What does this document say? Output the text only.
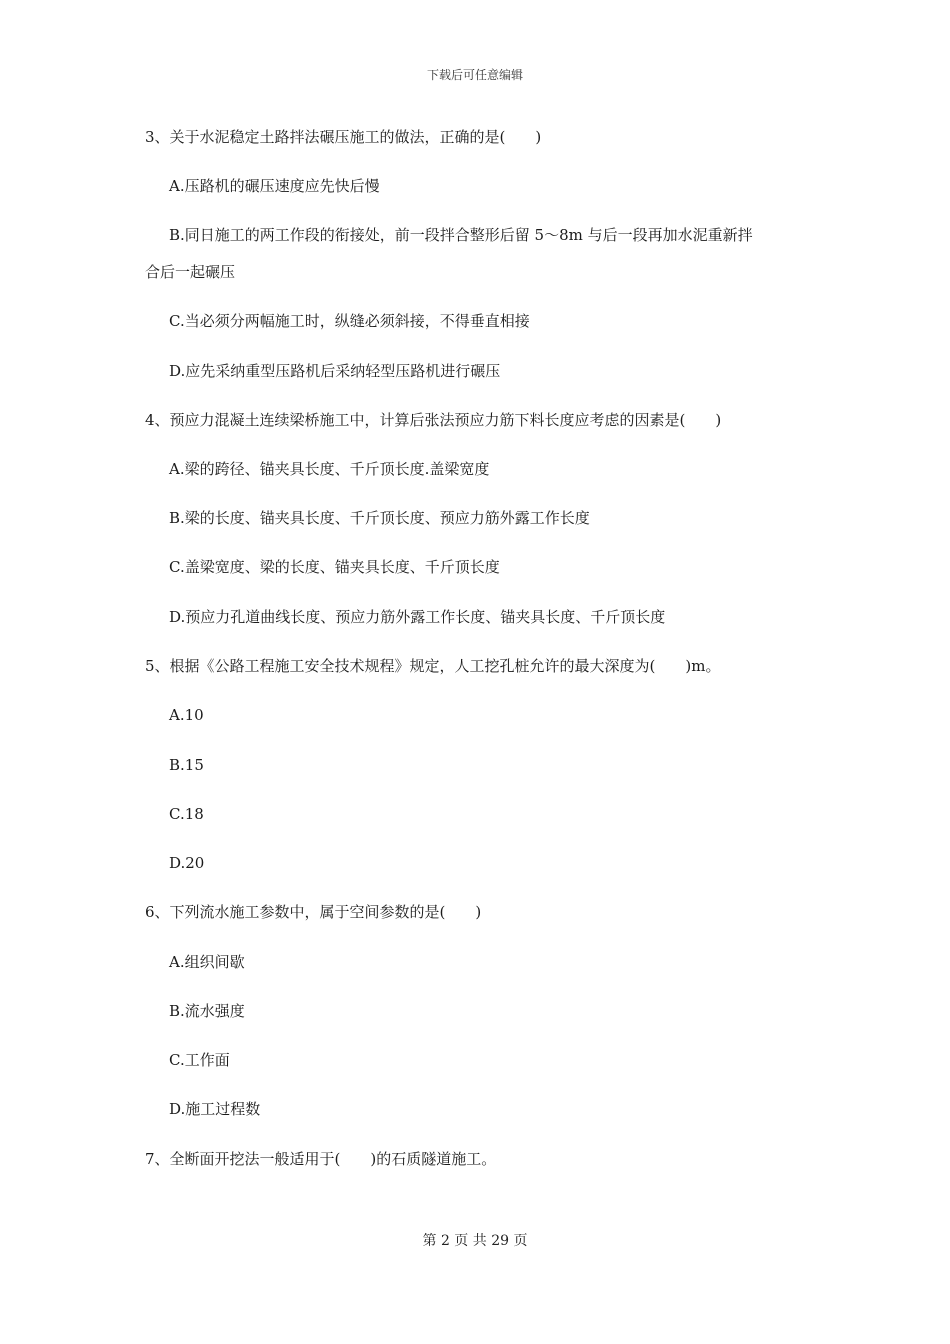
下载后可任意编辑
3、关于水泥稳定土路拌法碾压施工的做法，正确的是(　　)
A.压路机的碾压速度应先快后慢
B.同日施工的两工作段的衔接处，前一段拌合整形后留 5～8m 与后一段再加水泥重新拌
合后一起碾压
C.当必须分两幅施工时，纵缝必须斜接，不得垂直相接
D.应先采纳重型压路机后采纳轻型压路机进行碾压
4、预应力混凝土连续梁桥施工中，计算后张法预应力筋下料长度应考虑的因素是(　　)
A.梁的跨径、锚夹具长度、千斤顶长度.盖梁宽度
B.梁的长度、锚夹具长度、千斤顶长度、预应力筋外露工作长度
C.盖梁宽度、梁的长度、锚夹具长度、千斤顶长度
D.预应力孔道曲线长度、预应力筋外露工作长度、锚夹具长度、千斤顶长度
5、根据《公路工程施工安全技术规程》规定，人工挖孔桩允许的最大深度为(　　)m。
A.10
B.15
C.18
D.20
6、下列流水施工参数中，属于空间参数的是(　　)
A.组织间歇
B.流水强度
C.工作面
D.施工过程数
7、全断面开挖法一般适用于(　　)的石质隧道施工。
第 2 页 共 29 页
